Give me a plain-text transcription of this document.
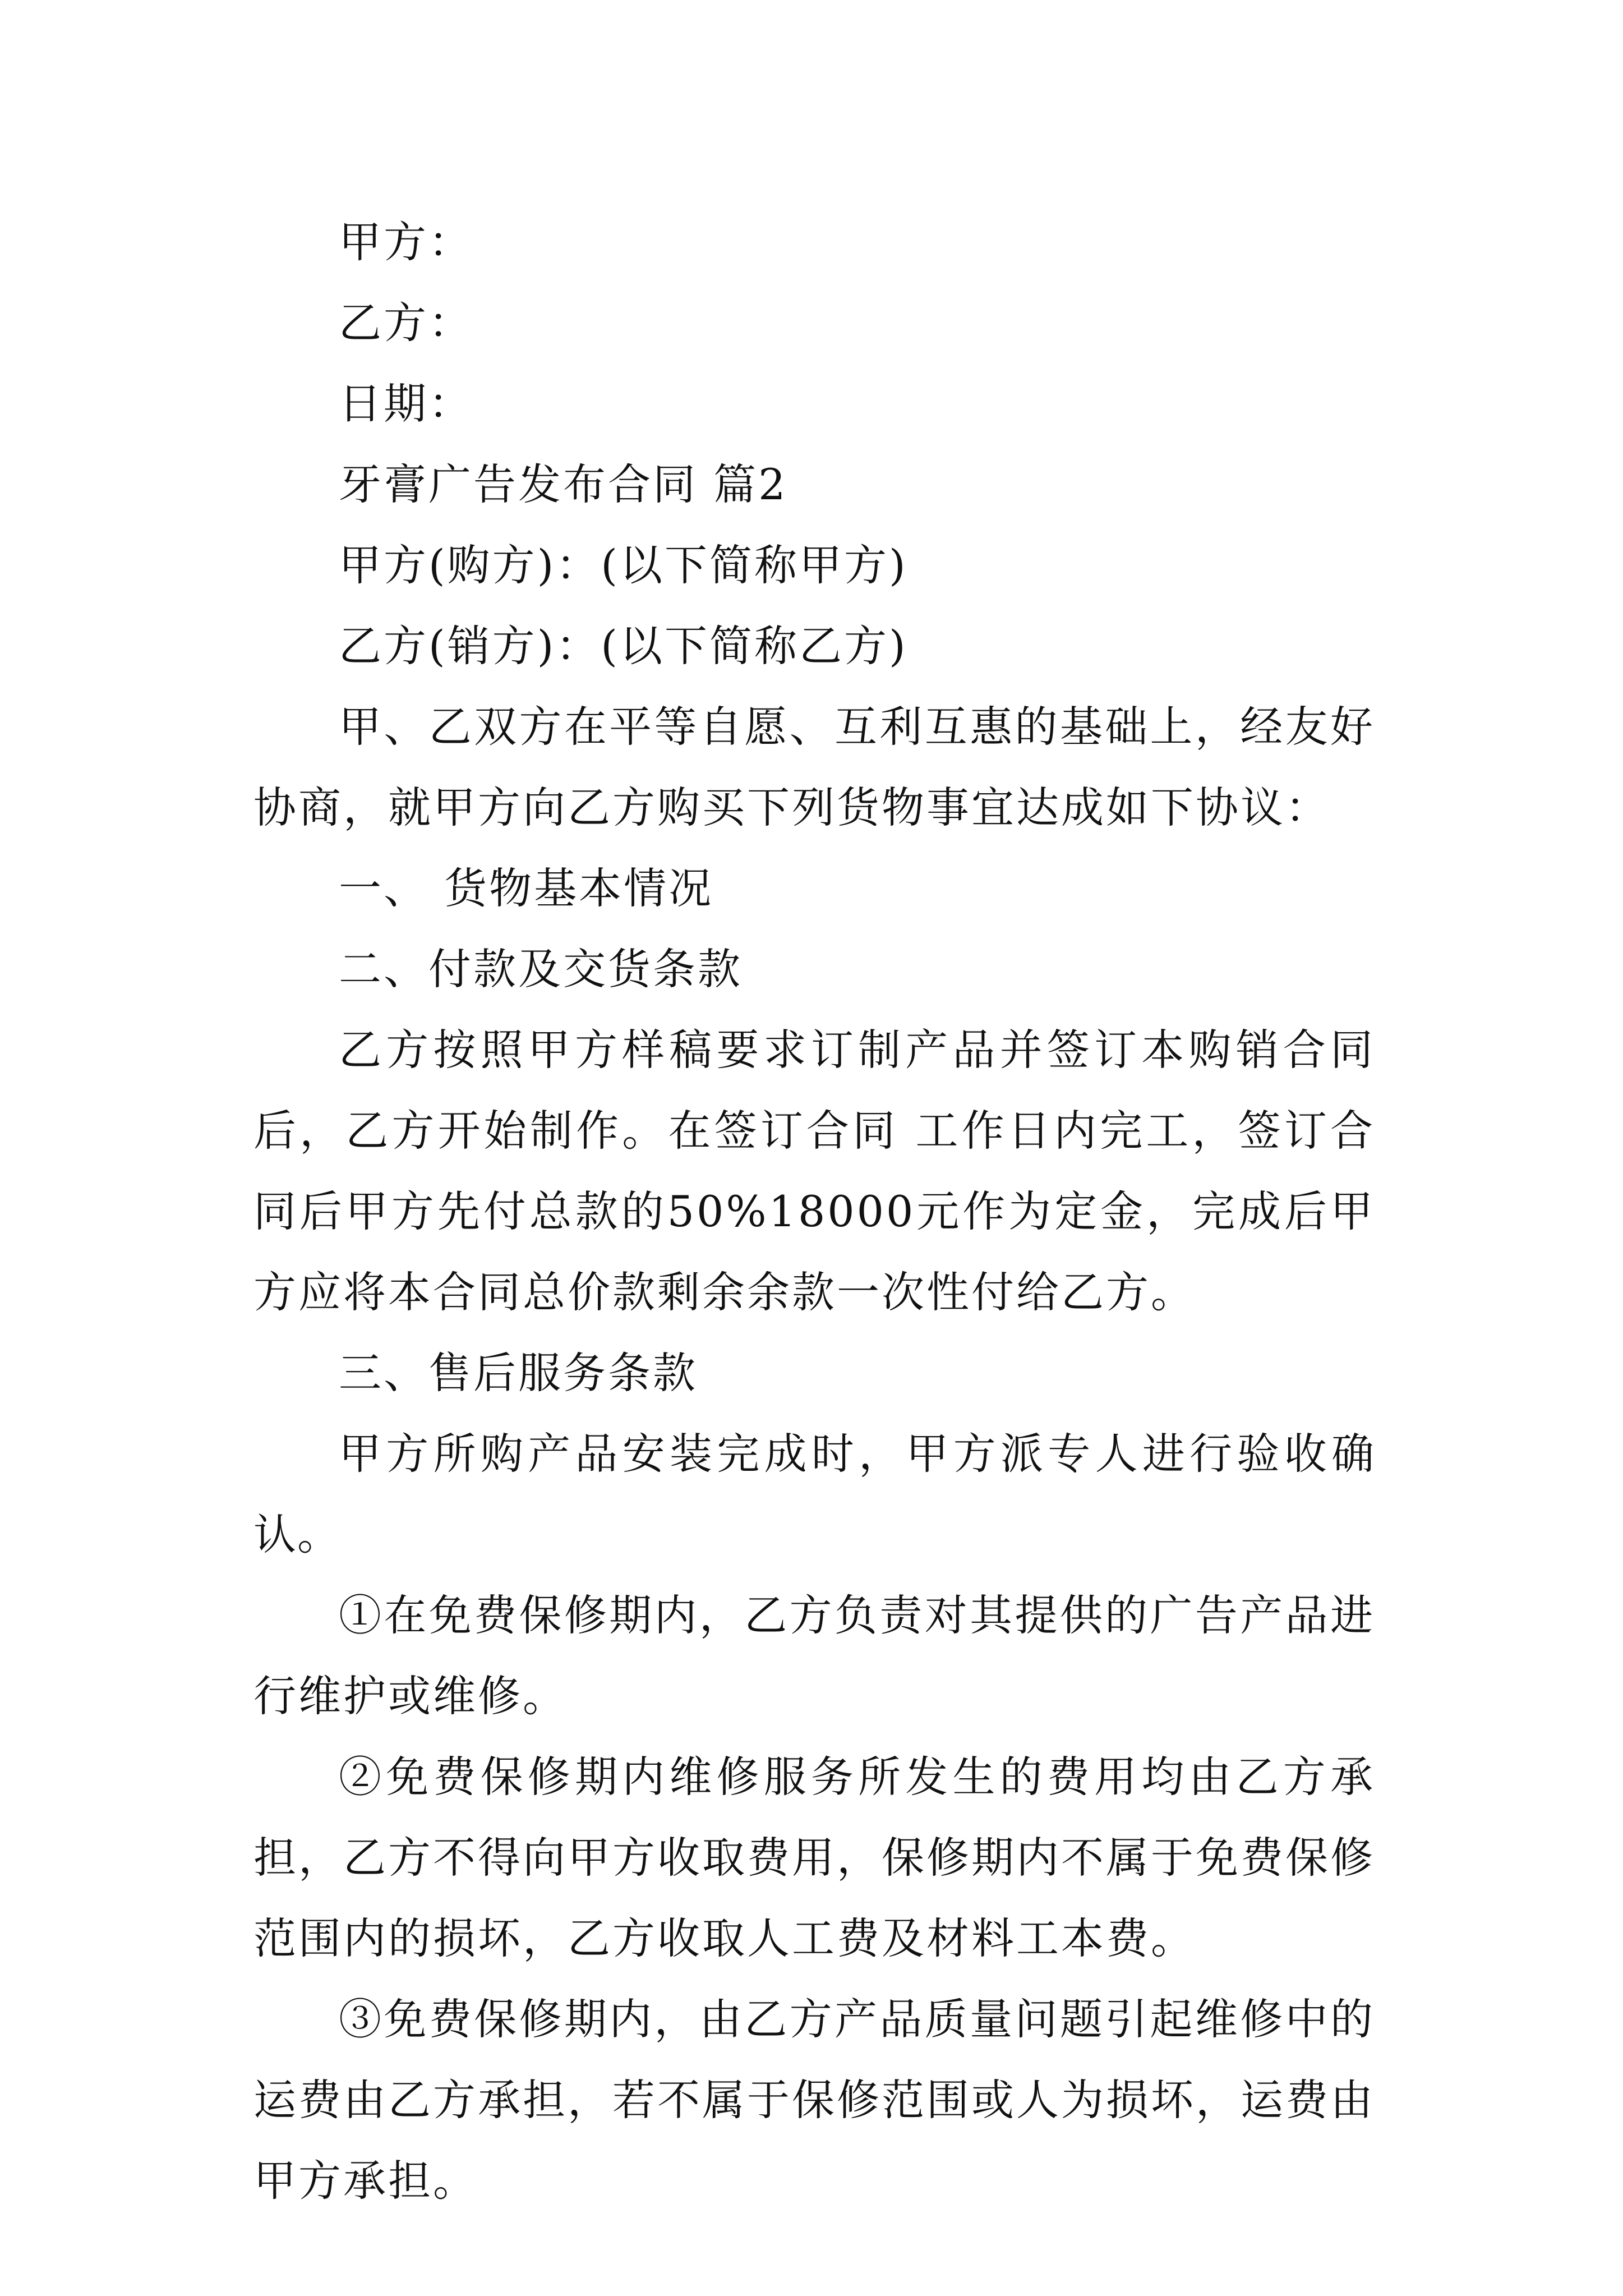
甲方：

乙方：

日期：

牙膏广告发布合同 篇2

甲方(购方)：(以下简称甲方)

乙方(销方)：(以下简称乙方)

甲、乙双方在平等自愿、互利互惠的基础上，经友好协商，就甲方向乙方购买下列货物事宜达成如下协议：

一、 货物基本情况

二、付款及交货条款

乙方按照甲方样稿要求订制产品并签订本购销合同后，乙方开始制作。在签订合同 工作日内完工，签订合同后甲方先付总款的50%18000元作为定金，完成后甲方应将本合同总价款剩余余款一次性付给乙方。

三、售后服务条款

甲方所购产品安装完成时，甲方派专人进行验收确认。

①在免费保修期内，乙方负责对其提供的广告产品进行维护或维修。

②免费保修期内维修服务所发生的费用均由乙方承担，乙方不得向甲方收取费用，保修期内不属于免费保修范围内的损坏，乙方收取人工费及材料工本费。

③免费保修期内，由乙方产品质量问题引起维修中的运费由乙方承担，若不属于保修范围或人为损坏，运费由甲方承担。
